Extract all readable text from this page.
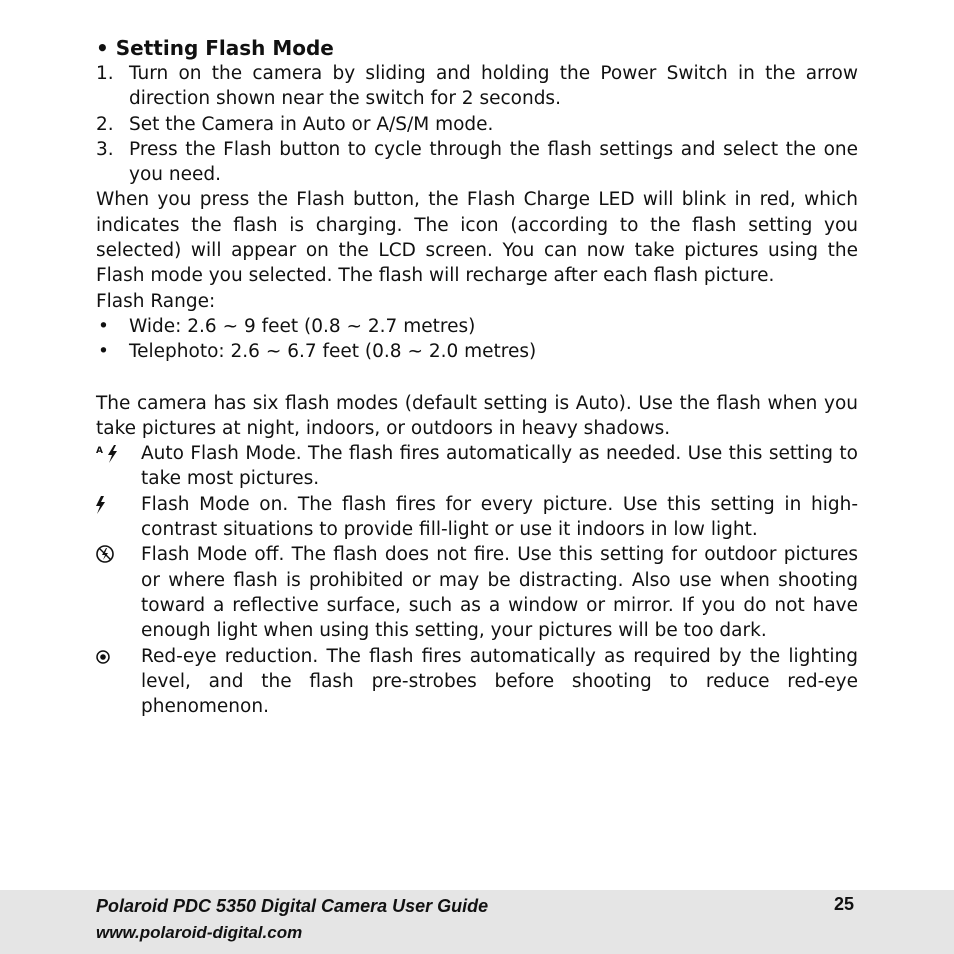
• Setting Flash Mode

1. Turn on the camera by sliding and holding the Power Switch in the arrow direction shown near the switch for 2 seconds.

2. Set the Camera in Auto or A/S/M mode.

3. Press the Flash button to cycle through the flash settings and select the one you need.

When you press the Flash button, the Flash Charge LED will blink in red, which indicates the flash is charging. The icon (according to the flash setting you selected) will appear on the LCD screen. You can now take pictures using the Flash mode you selected. The flash will recharge after each flash picture.

Flash Range:

• Wide: 2.6 ~ 9 feet (0.8 ~ 2.7 metres)

• Telephoto: 2.6 ~ 6.7 feet (0.8 ~ 2.0 metres)

The camera has six flash modes (default setting is Auto). Use the flash when you take pictures at night, indoors, or outdoors in heavy shadows.

A Auto Flash Mode. The flash fires automatically as needed. Use this setting to take most pictures.
Flash Mode on. The flash fires for every picture. Use this setting in high-contrast situations to provide fill-light or use it indoors in low light.
Flash Mode off. The flash does not fire. Use this setting for outdoor pictures or where flash is prohibited or may be distracting. Also use when shooting toward a reflective surface, such as a window or mirror. If you do not have enough light when using this setting, your pictures will be too dark.
Red-eye reduction. The flash fires automatically as required by the lighting level, and the flash pre-strobes before shooting to reduce red-eye phenomenon.
Polaroid PDC 5350 Digital Camera User Guide
www.polaroid-digital.com
25
